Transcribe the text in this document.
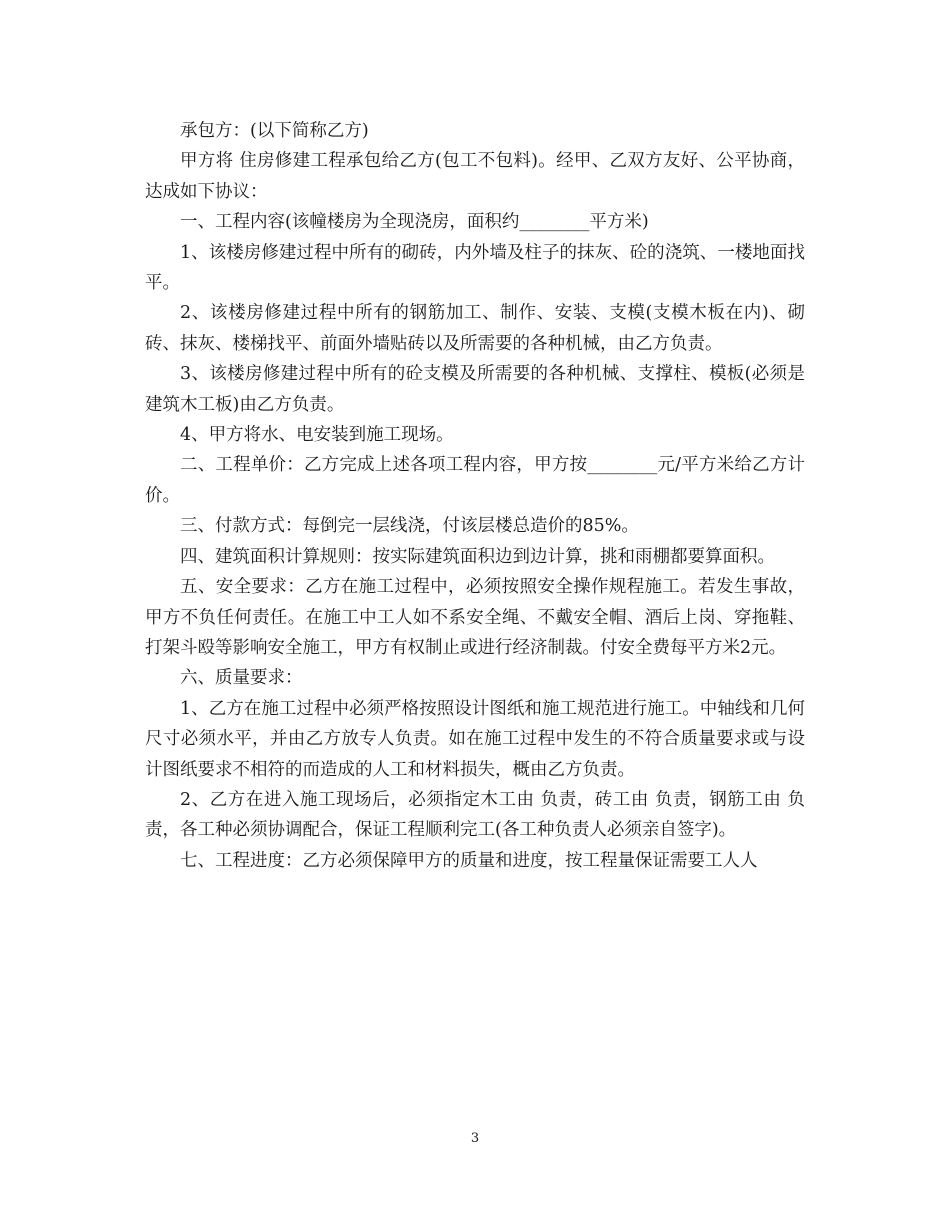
承包方：(以下简称乙方)

甲方将 住房修建工程承包给乙方(包工不包料)。经甲、乙双方友好、公平协商，达成如下协议：

一、工程内容(该幢楼房为全现浇房，面积约________平方米)

1、该楼房修建过程中所有的砌砖，内外墙及柱子的抹灰、砼的浇筑、一楼地面找平。

2、该楼房修建过程中所有的钢筋加工、制作、安装、支模(支模木板在内)、砌砖、抹灰、楼梯找平、前面外墙贴砖以及所需要的各种机械，由乙方负责。

3、该楼房修建过程中所有的砼支模及所需要的各种机械、支撑柱、模板(必须是建筑木工板)由乙方负责。

4、甲方将水、电安装到施工现场。

二、工程单价：乙方完成上述各项工程内容，甲方按________元/平方米给乙方计价。

三、付款方式：每倒完一层线浇，付该层楼总造价的85%。

四、建筑面积计算规则：按实际建筑面积边到边计算，挑和雨棚都要算面积。

五、安全要求：乙方在施工过程中，必须按照安全操作规程施工。若发生事故，甲方不负任何责任。在施工中工人如不系安全绳、不戴安全帽、酒后上岗、穿拖鞋、打架斗殴等影响安全施工，甲方有权制止或进行经济制裁。付安全费每平方米2元。

六、质量要求：

1、乙方在施工过程中必须严格按照设计图纸和施工规范进行施工。中轴线和几何尺寸必须水平，并由乙方放专人负责。如在施工过程中发生的不符合质量要求或与设计图纸要求不相符的而造成的人工和材料损失，概由乙方负责。

2、乙方在进入施工现场后，必须指定木工由 负责，砖工由 负责，钢筋工由 负责，各工种必须协调配合，保证工程顺利完工(各工种负责人必须亲自签字)。

七、工程进度：乙方必须保障甲方的质量和进度，按工程量保证需要工人人

3
